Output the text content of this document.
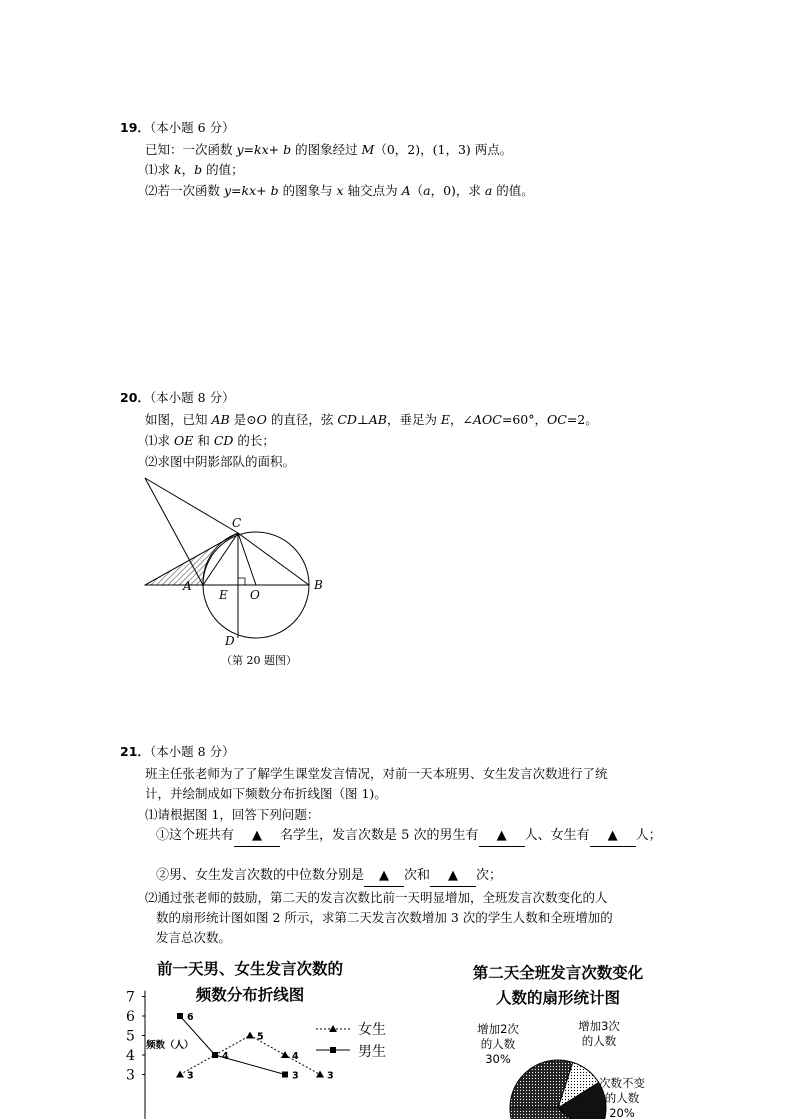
19．（本小题 6 分）
已知：一次函数 y=kx+ b 的图象经过 M（0，2)，(1，3) 两点。
⑴求 k，b 的值；
⑵若一次函数 y=kx+ b 的图象与 x 轴交点为 A（a，0)，求 a 的值。
20．（本小题 8 分）
如图，已知 AB 是⊙O 的直径，弦 CD⊥AB，垂足为 E，∠AOC=60°，OC=2。
⑴求 OE 和 CD 的长；
⑵求图中阴影部队的面积。
C
A	B
E O
D
（第 20 题图）
21．（本小题 8 分）
班主任张老师为了了解学生课堂发言情况，对前一天本班男、女生发言次数进行了统
计，并绘制成如下频数分布折线图（图 1)。
⑴请根据图 1，回答下列问题：
①这个班共有 ▲ 名学生，发言次数是 5 次的男生有 ▲ 人、女生有 ▲ 人；
②男、女生发言次数的中位数分别是 ▲ 次和 ▲ 次；
⑵通过张老师的鼓励，第二天的发言次数比前一天明显增加，全班发言次数变化的人
数的扇形统计图如图 2 所示，求第二天发言次数增加 3 次的学生人数和全班增加的
发言总次数。
前一天男、女生发言次数的
频数分布折线图
第二天全班发言次数变化
人数的扇形统计图
3
4
5
6
7
频数（人）
3
5
4
3
6
4
3
女生
男生
增加2次
的人数
30%
增加3次
的人数
次数不变
的人数
20%
